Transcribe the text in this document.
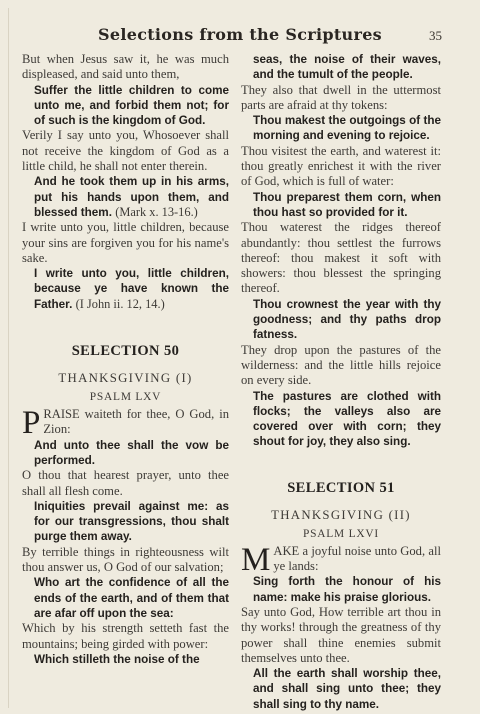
Selections from the Scriptures	35

But when Jesus saw it, he was much displeased, and said unto them,

Suffer the little children to come unto me, and forbid them not; for of such is the kingdom of God.

Verily I say unto you, Whosoever shall not receive the kingdom of God as a little child, he shall not enter therein.

And he took them up in his arms, put his hands upon them, and blessed them. (Mark x. 13-16.)

I write unto you, little children, because your sins are forgiven you for his name's sake.

I write unto you, little children, because ye have known the Father. (I John ii. 12, 14.)

SELECTION 50
THANKSGIVING (I)
PSALM LXV
P RAISE waiteth for thee, O God, in Zion:

And unto thee shall the vow be performed.

O thou that hearest prayer, unto thee shall all flesh come.

Iniquities prevail against me: as for our transgressions, thou shalt purge them away.

By terrible things in righteousness wilt thou answer us, O God of our salvation;

Who art the confidence of all the ends of the earth, and of them that are afar off upon the sea:

Which by his strength setteth fast the mountains; being girded with power:

Which stilleth the noise of the

seas, the noise of their waves, and the tumult of the people.

They also that dwell in the uttermost parts are afraid at thy tokens:

Thou makest the outgoings of the morning and evening to rejoice.

Thou visitest the earth, and waterest it: thou greatly enrichest it with the river of God, which is full of water:

Thou preparest them corn, when thou hast so provided for it.

Thou waterest the ridges thereof abundantly: thou settlest the furrows thereof: thou makest it soft with showers: thou blessest the springing thereof.

Thou crownest the year with thy goodness; and thy paths drop fatness.

They drop upon the pastures of the wilderness: and the little hills rejoice on every side.

The pastures are clothed with flocks; the valleys also are covered over with corn; they shout for joy, they also sing.

SELECTION 51
THANKSGIVING (II)
PSALM LXVI
M AKE a joyful noise unto God, all ye lands:

Sing forth the honour of his name: make his praise glorious.

Say unto God, How terrible art thou in thy works! through the greatness of thy power shall thine enemies submit themselves unto thee.

All the earth shall worship thee, and shall sing unto thee; they shall sing to thy name.
